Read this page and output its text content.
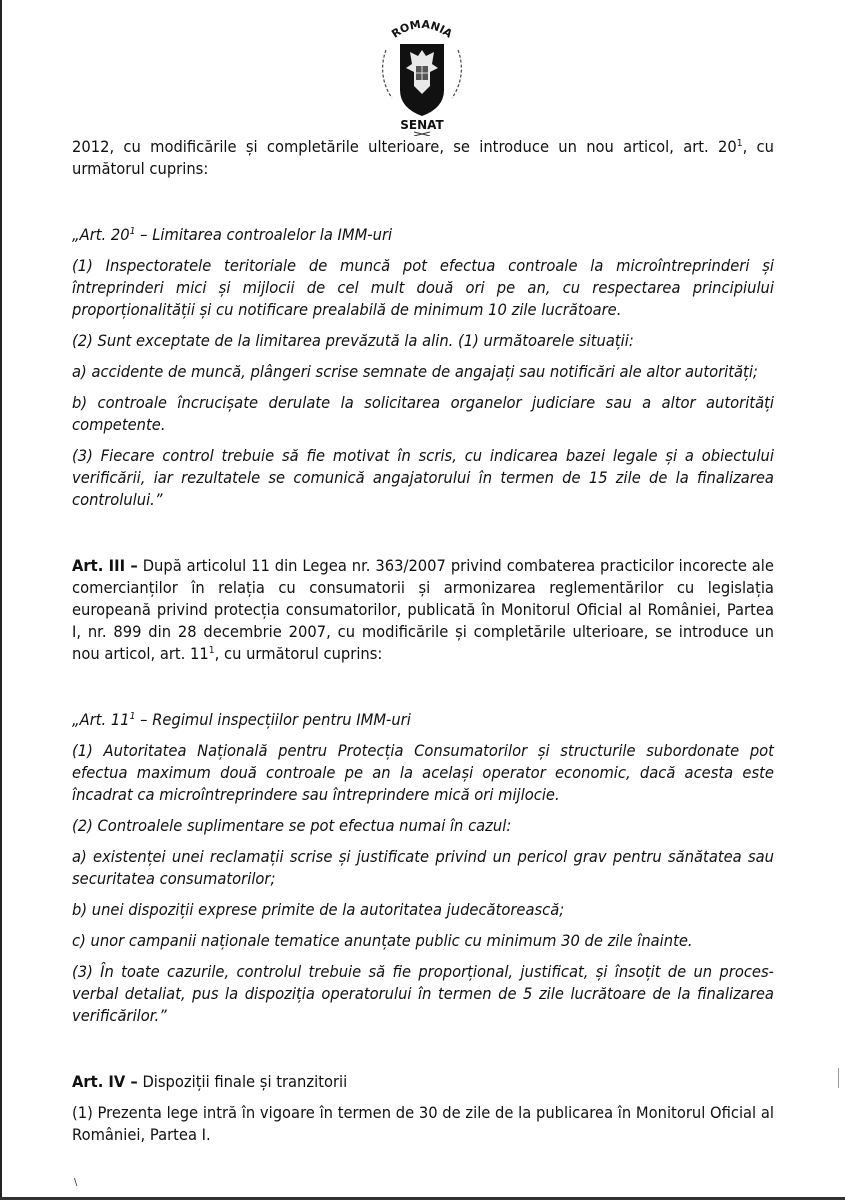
ROMANIA
SENAT

2012, cu modificările și completările ulterioare, se introduce un nou articol, art. $20^1$, cu următorul cuprins:

„Art. $20^1$ – Limitarea controalelor la IMM-uri

(1) Inspectoratele teritoriale de muncă pot efectua controale la microîntreprinderi și întreprinderi mici și mijlocii de cel mult două ori pe an, cu respectarea principiului proporționalității și cu notificare prealabilă de minimum 10 zile lucrătoare.

(2) Sunt exceptate de la limitarea prevăzută la alin. (1) următoarele situații:

a) accidente de muncă, plângeri scrise semnate de angajați sau notificări ale altor autorități;

b) controale încrucișate derulate la solicitarea organelor judiciare sau a altor autorități competente.

(3) Fiecare control trebuie să fie motivat în scris, cu indicarea bazei legale și a obiectului verificării, iar rezultatele se comunică angajatorului în termen de 15 zile de la finalizarea controlului.”

Art. III – După articolul 11 din Legea nr. 363/2007 privind combaterea practicilor incorecte ale comercianților în relația cu consumatorii și armonizarea reglementărilor cu legislația europeană privind protecția consumatorilor, publicată în Monitorul Oficial al României, Partea I, nr. 899 din 28 decembrie 2007, cu modificările și completările ulterioare, se introduce un nou articol, art. $11^1$, cu următorul cuprins:

„Art. $11^1$ – Regimul inspecțiilor pentru IMM-uri

(1) Autoritatea Națională pentru Protecția Consumatorilor și structurile subordonate pot efectua maximum două controale pe an la același operator economic, dacă acesta este încadrat ca microîntreprindere sau întreprindere mică ori mijlocie.

(2) Controalele suplimentare se pot efectua numai în cazul:

a) existenței unei reclamații scrise și justificate privind un pericol grav pentru sănătatea sau securitatea consumatorilor;

b) unei dispoziții exprese primite de la autoritatea judecătorească;

c) unor campanii naționale tematice anunțate public cu minimum 30 de zile înainte.

(3) În toate cazurile, controlul trebuie să fie proporțional, justificat, și însoțit de un proces-verbal detaliat, pus la dispoziția operatorului în termen de 5 zile lucrătoare de la finalizarea verificărilor.”

Art. IV – Dispoziții finale și tranzitorii

(1) Prezenta lege intră în vigoare în termen de 30 de zile de la publicarea în Monitorul Oficial al României, Partea I.

\
